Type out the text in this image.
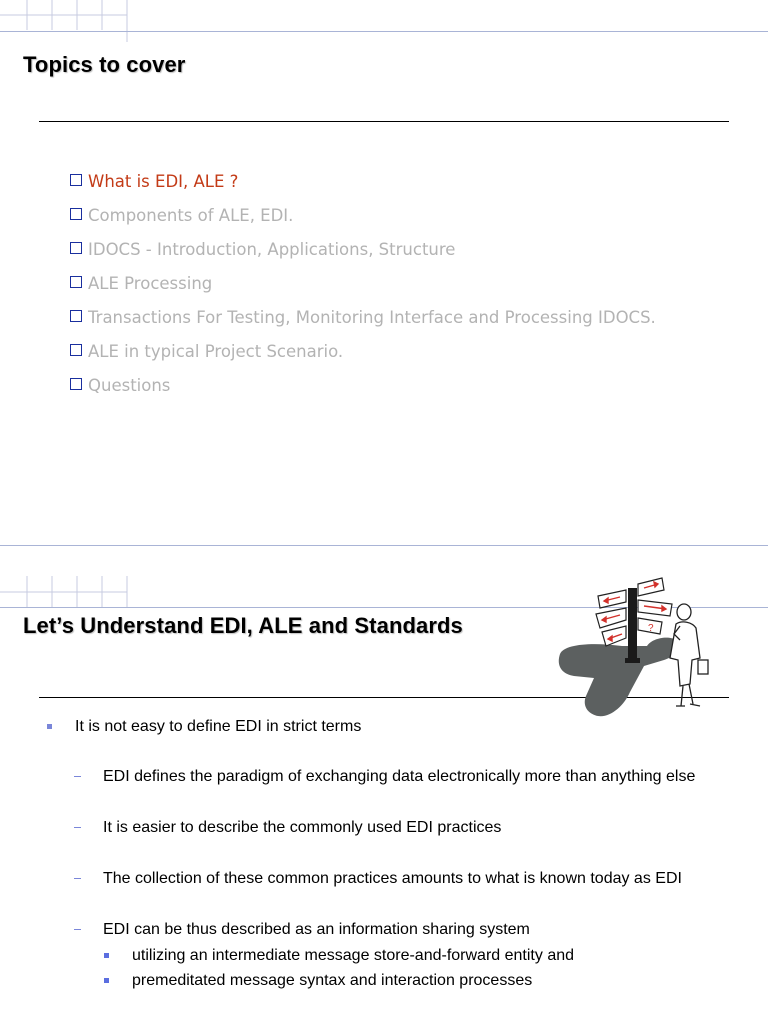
Topics to cover
What is EDI, ALE ?
Components of ALE, EDI.
IDOCS - Introduction, Applications, Structure
ALE Processing
Transactions For Testing, Monitoring Interface and Processing IDOCS.
ALE in typical Project Scenario.
Questions
Let’s Understand EDI, ALE and Standards	?
It is not easy to define EDI in strict terms
EDI defines the paradigm of exchanging data electronically more than anything else
It is easier to describe the commonly used EDI practices
The collection of these common practices amounts to what is known today as EDI
EDI can be thus described as an information sharing system
utilizing an intermediate message store-and-forward entity and
premeditated message syntax and interaction processes
